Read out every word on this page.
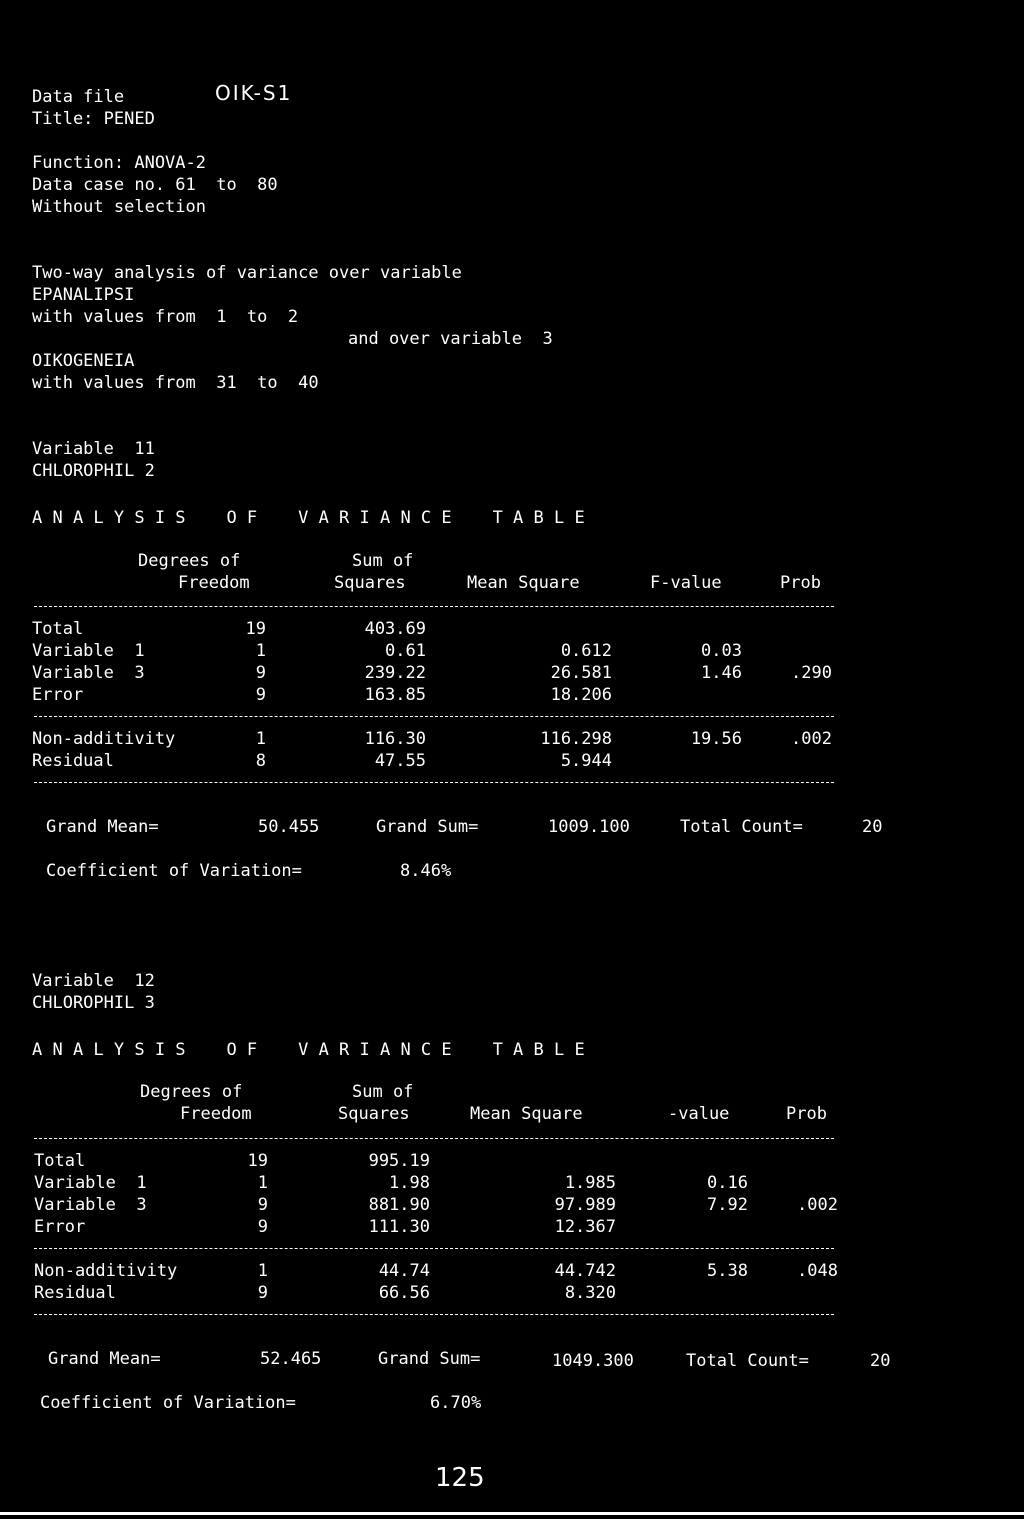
Data file	OIK-S1
Title: PENED
Function: ANOVA-2
Data case no. 61  to  80
Without selection
Two-way analysis of variance over variable
EPANALIPSI
with values from  1  to  2
and over variable  3
OIKOGENEIA
with values from  31  to  40
Variable  11
CHLOROPHIL 2
A N A L Y S I S    O F    V A R I A N C E    T A B L E
Degrees of	Sum of
Freedom	Squares	Mean Square	F-value	Prob
Total	19	403.69
Variable  1	1	0.61	0.612	0.03
Variable  3	9	239.22	26.581	1.46	.290
Error	9	163.85	18.206
Non-additivity	1	116.30	116.298	19.56	.002
Residual	8	47.55	5.944
Grand Mean=	50.455	Grand Sum=	1009.100	Total Count=	20
Coefficient of Variation=	8.46%
Variable  12
CHLOROPHIL 3
A N A L Y S I S    O F    V A R I A N C E    T A B L E
Degrees of	Sum of
Freedom	Squares	Mean Square	-value	Prob
Total	19	995.19
Variable  1	1	1.98	1.985	0.16
Variable  3	9	881.90	97.989	7.92	.002
Error	9	111.30	12.367
Non-additivity	1	44.74	44.742	5.38	.048
Residual	9	66.56	8.320
Grand Mean=	52.465	Grand Sum=	1049.300	Total Count=	20
Coefficient of Variation=	6.70%
125
